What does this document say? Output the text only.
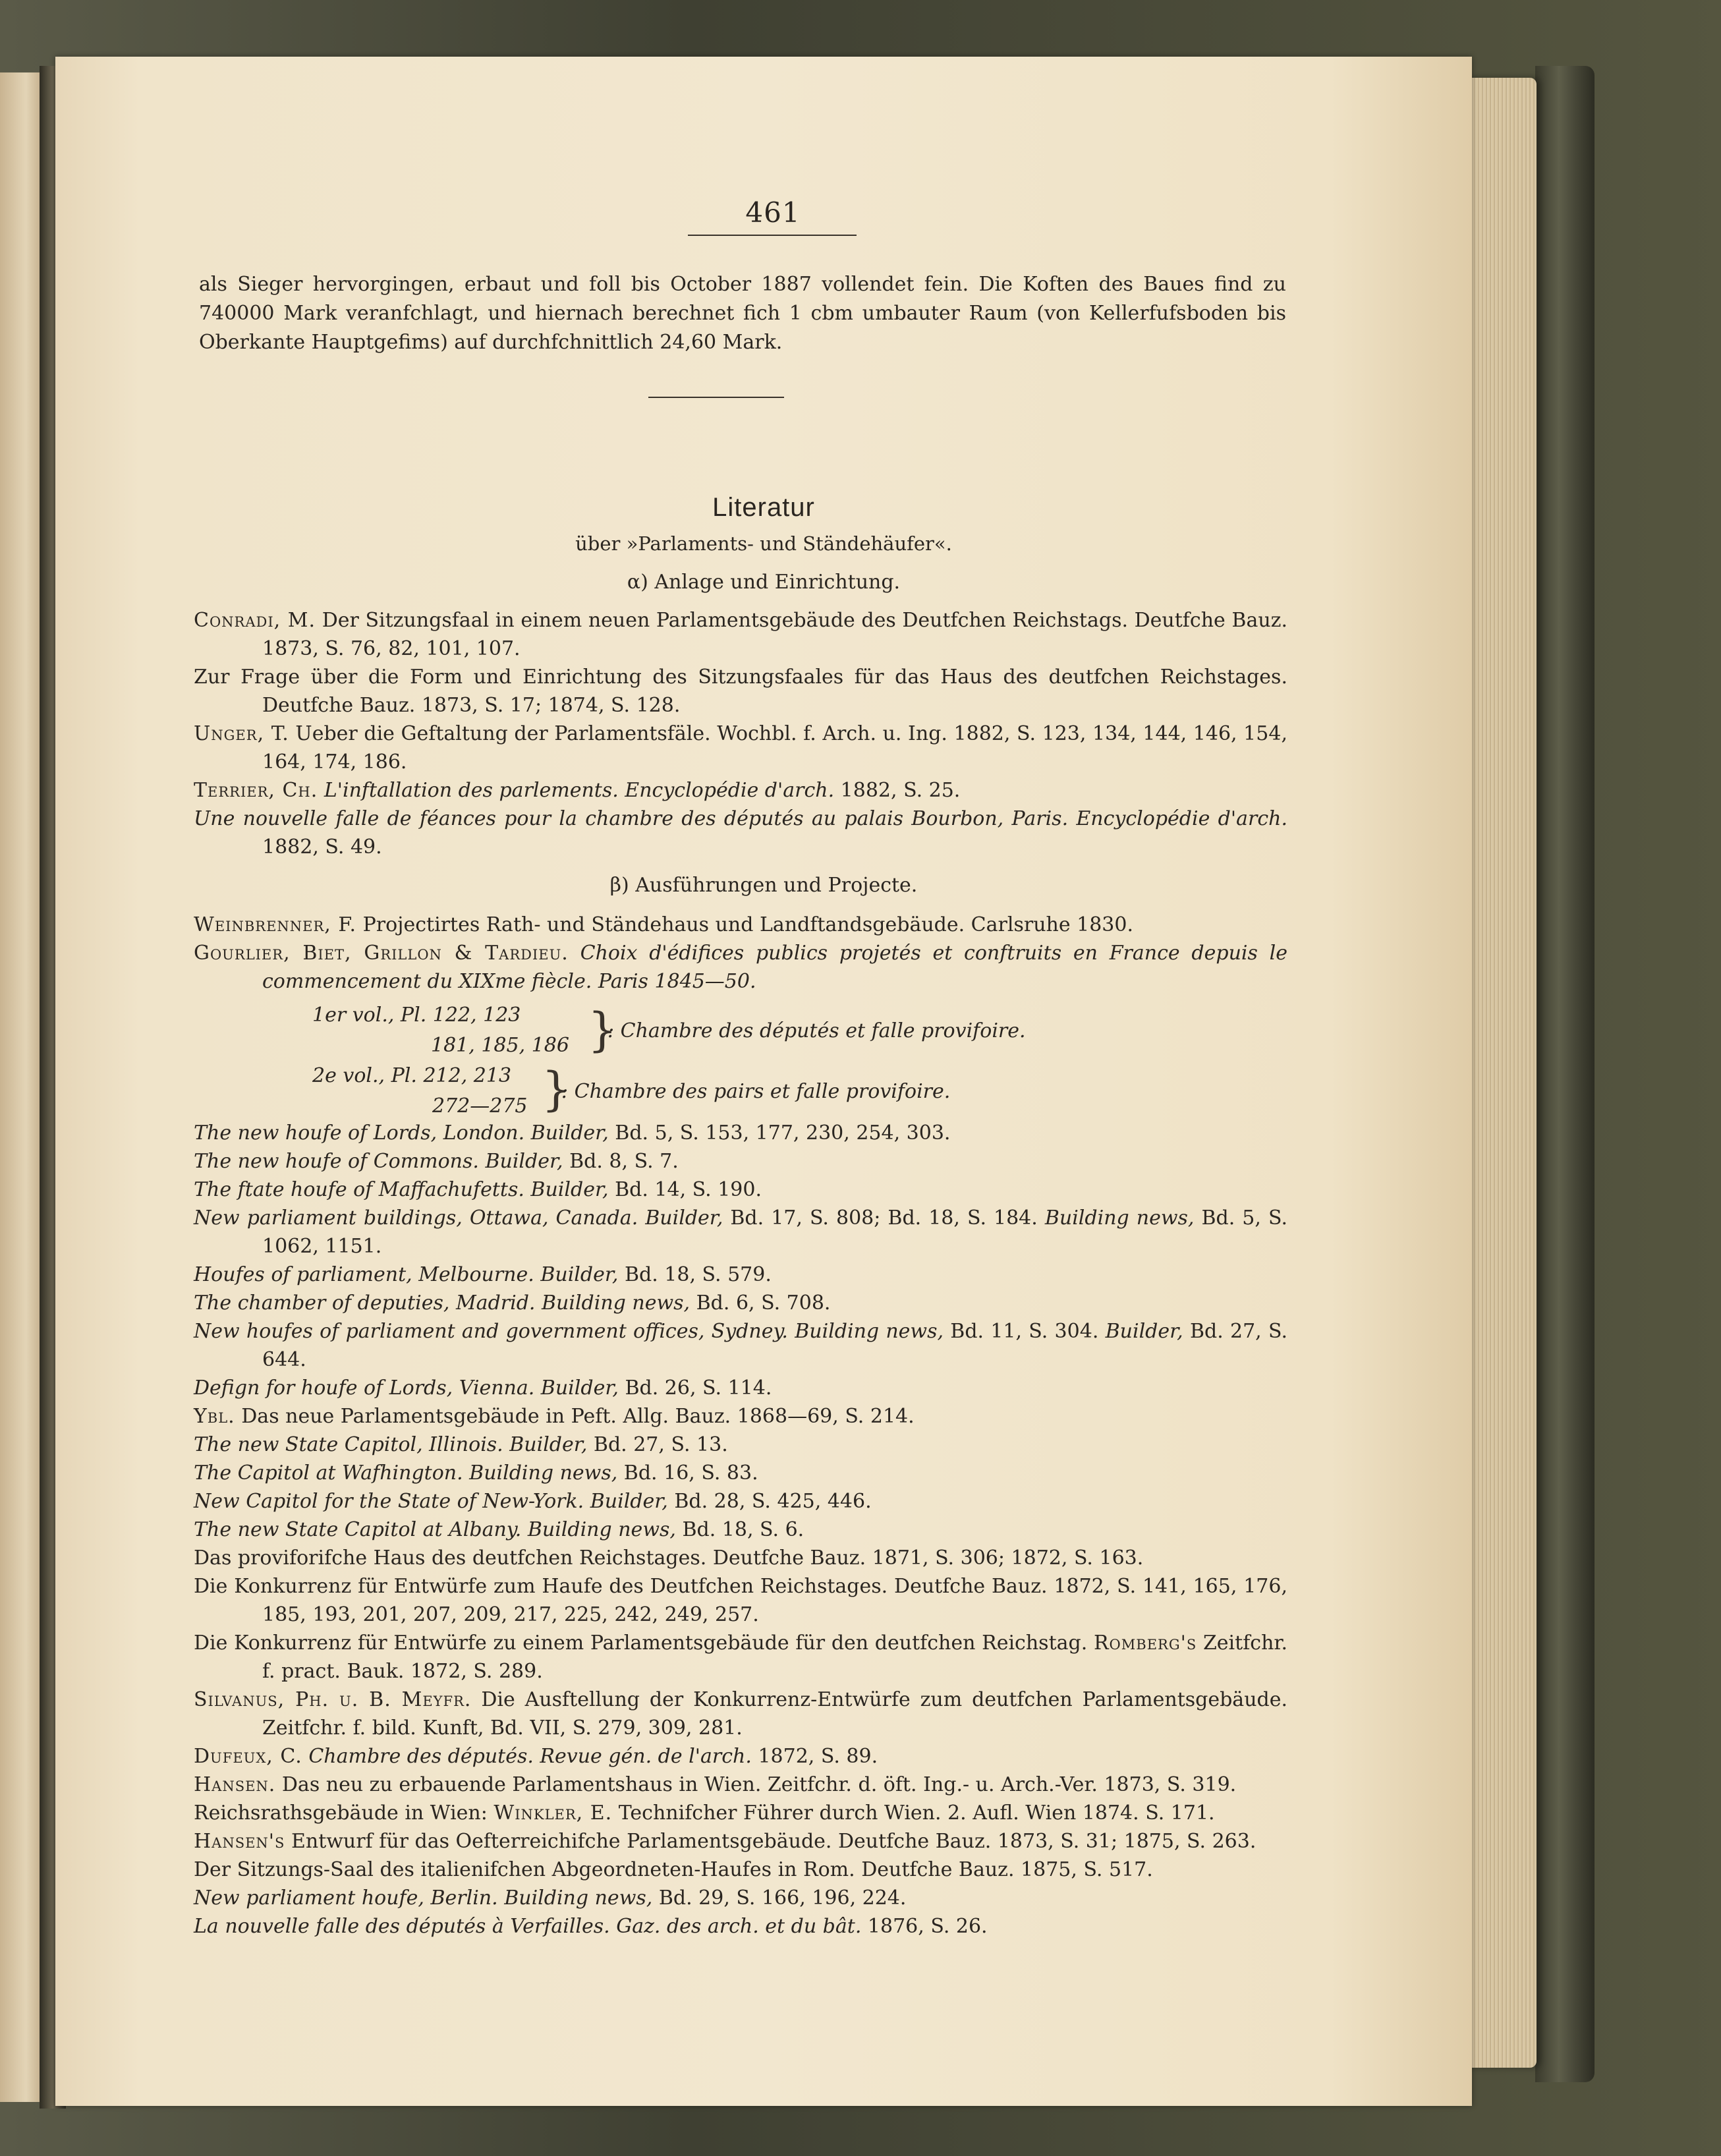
461
als Sieger hervorgingen, erbaut und foll bis October 1887 vollendet fein. Die Koften des Baues find zu 740000 Mark veranfchlagt, und hiernach berechnet fich 1 cbm umbauter Raum (von Kellerfufsboden bis Oberkante Hauptgefims) auf durchfchnittlich 24,60 Mark.
Literatur
über »Parlaments- und Ständehäufer«.
α) Anlage und Einrichtung.

Conradi, M. Der Sitzungsfaal in einem neuen Parlamentsgebäude des Deutfchen Reichstags. Deutfche Bauz. 1873, S. 76, 82, 101, 107.

Zur Frage über die Form und Einrichtung des Sitzungsfaales für das Haus des deutfchen Reichstages. Deutfche Bauz. 1873, S. 17; 1874, S. 128.

Unger, T. Ueber die Geftaltung der Parlamentsfäle. Wochbl. f. Arch. u. Ing. 1882, S. 123, 134, 144, 146, 154, 164, 174, 186.

Terrier, Ch. L'inftallation des parlements. Encyclopédie d'arch. 1882, S. 25.

Une nouvelle falle de féances pour la chambre des députés au palais Bourbon, Paris. Encyclopédie d'arch. 1882, S. 49.

β) Ausführungen und Projecte.

Weinbrenner, F. Projectirtes Rath- und Ständehaus und Landftandsgebäude. Carlsruhe 1830.

Gourlier, Biet, Grillon & Tardieu. Choix d'édifices publics projetés et conftruits en France depuis le commencement du XIXme fiècle. Paris 1845—50.

1er vol., Pl. 122, 123
181, 185, 186 }
: Chambre des députés et falle provifoire.
2e vol., Pl. 212, 213
272—275 }
: Chambre des pairs et falle provifoire.

The new houfe of Lords, London. Builder, Bd. 5, S. 153, 177, 230, 254, 303.

The new houfe of Commons. Builder, Bd. 8, S. 7.

The ftate houfe of Maffachufetts. Builder, Bd. 14, S. 190.

New parliament buildings, Ottawa, Canada. Builder, Bd. 17, S. 808; Bd. 18, S. 184. Building news, Bd. 5, S. 1062, 1151.

Houfes of parliament, Melbourne. Builder, Bd. 18, S. 579.

The chamber of deputies, Madrid. Building news, Bd. 6, S. 708.

New houfes of parliament and government offices, Sydney. Building news, Bd. 11, S. 304. Builder, Bd. 27, S. 644.

Defign for houfe of Lords, Vienna. Builder, Bd. 26, S. 114.

Ybl. Das neue Parlamentsgebäude in Peft. Allg. Bauz. 1868—69, S. 214.

The new State Capitol, Illinois. Builder, Bd. 27, S. 13.

The Capitol at Wafhington. Building news, Bd. 16, S. 83.

New Capitol for the State of New-York. Builder, Bd. 28, S. 425, 446.

The new State Capitol at Albany. Building news, Bd. 18, S. 6.

Das proviforifche Haus des deutfchen Reichstages. Deutfche Bauz. 1871, S. 306; 1872, S. 163.

Die Konkurrenz für Entwürfe zum Haufe des Deutfchen Reichstages. Deutfche Bauz. 1872, S. 141, 165, 176, 185, 193, 201, 207, 209, 217, 225, 242, 249, 257.

Die Konkurrenz für Entwürfe zu einem Parlamentsgebäude für den deutfchen Reichstag. Romberg's Zeitfchr. f. pract. Bauk. 1872, S. 289.

Silvanus, Ph. u. B. Meyfr. Die Ausftellung der Konkurrenz-Entwürfe zum deutfchen Parlamentsgebäude. Zeitfchr. f. bild. Kunft, Bd. VII, S. 279, 309, 281.

Dufeux, C. Chambre des députés. Revue gén. de l'arch. 1872, S. 89.

Hansen. Das neu zu erbauende Parlamentshaus in Wien. Zeitfchr. d. öft. Ing.- u. Arch.-Ver. 1873, S. 319.

Reichsrathsgebäude in Wien: Winkler, E. Technifcher Führer durch Wien. 2. Aufl. Wien 1874. S. 171.

Hansen's Entwurf für das Oefterreichifche Parlamentsgebäude. Deutfche Bauz. 1873, S. 31; 1875, S. 263.

Der Sitzungs-Saal des italienifchen Abgeordneten-Haufes in Rom. Deutfche Bauz. 1875, S. 517.

New parliament houfe, Berlin. Building news, Bd. 29, S. 166, 196, 224.

La nouvelle falle des députés à Verfailles. Gaz. des arch. et du bât. 1876, S. 26.
